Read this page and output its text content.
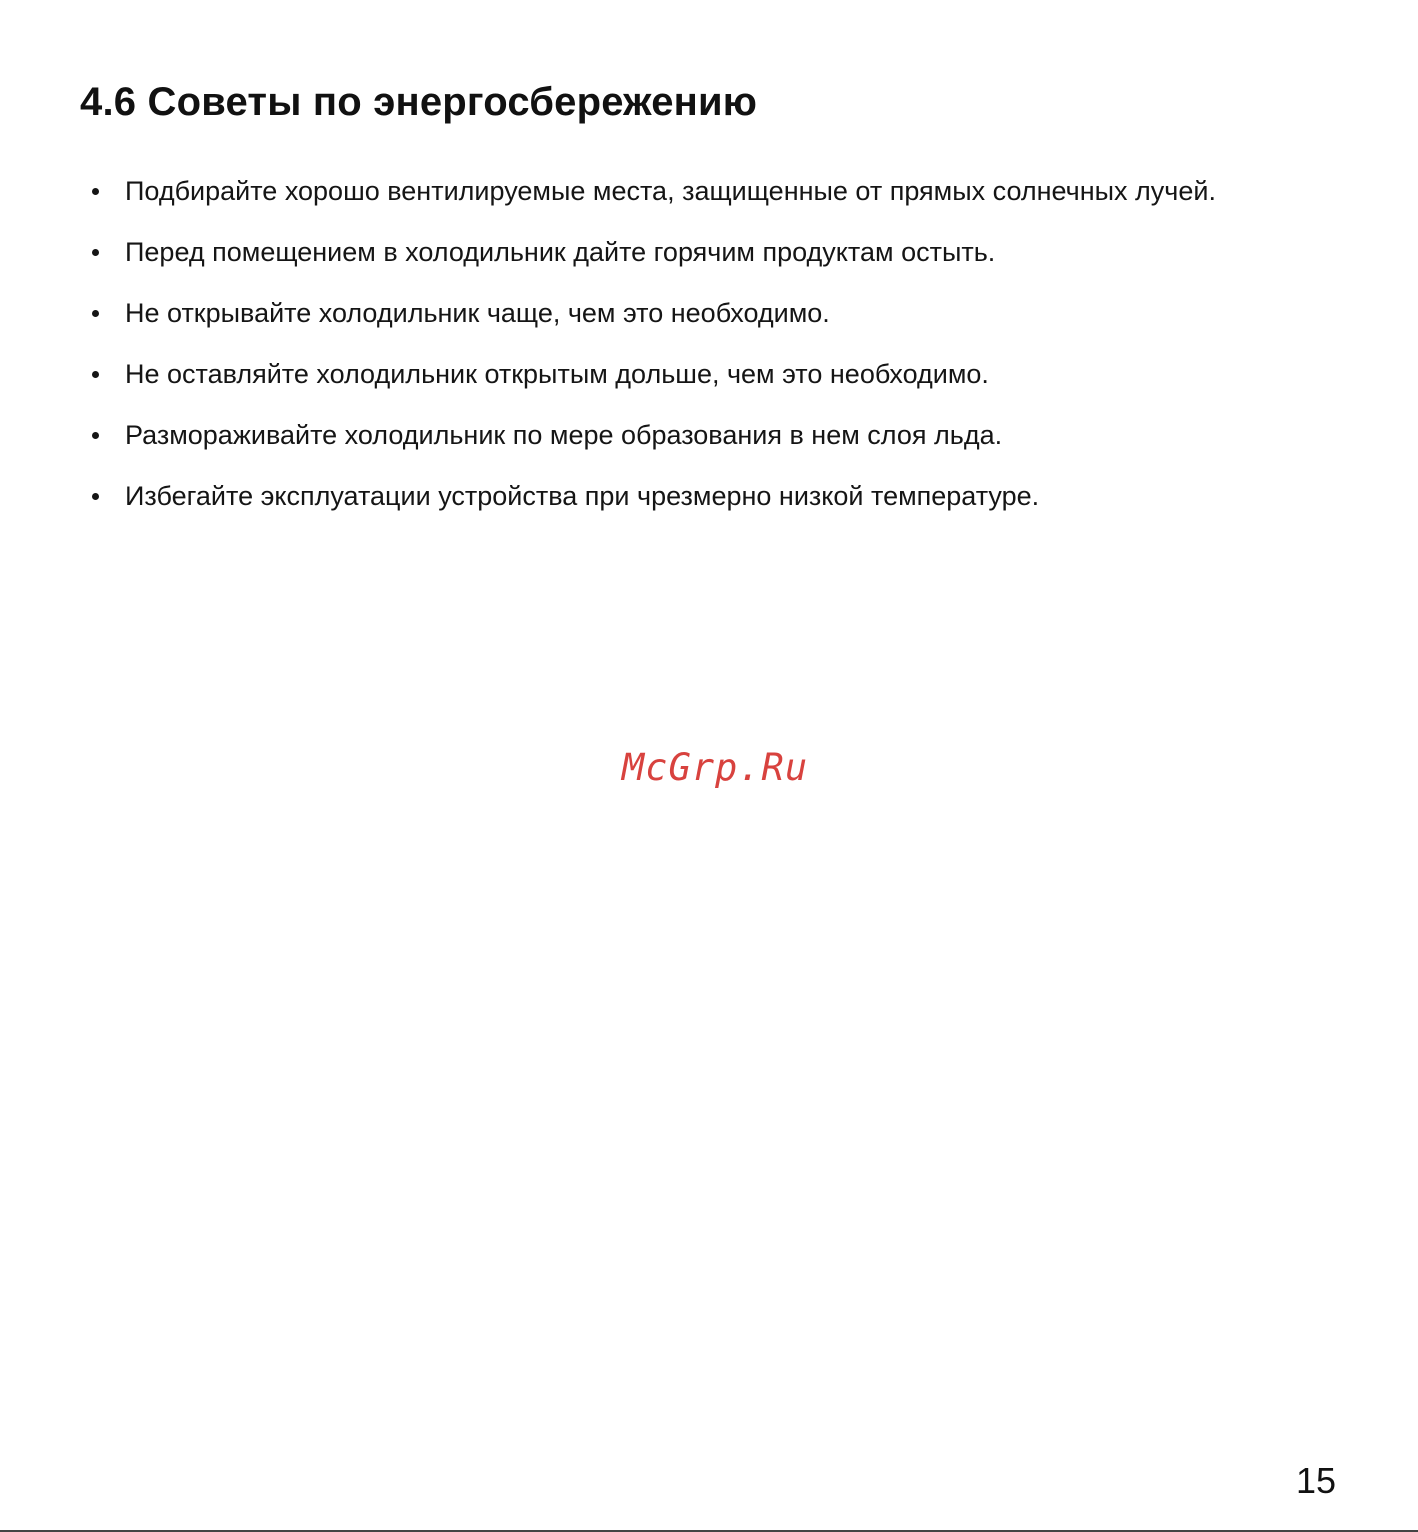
4.6 Советы по энергосбережению
Подбирайте хорошо вентилируемые места, защищенные от прямых солнечных лучей.
Перед помещением в холодильник дайте горячим продуктам остыть.
Не открывайте холодильник чаще, чем это необходимо.
Не оставляйте холодильник открытым дольше, чем это необходимо.
Размораживайте холодильник по мере образования в нем слоя льда.
Избегайте эксплуатации устройства при чрезмерно низкой температуре.
McGrp.Ru
15
